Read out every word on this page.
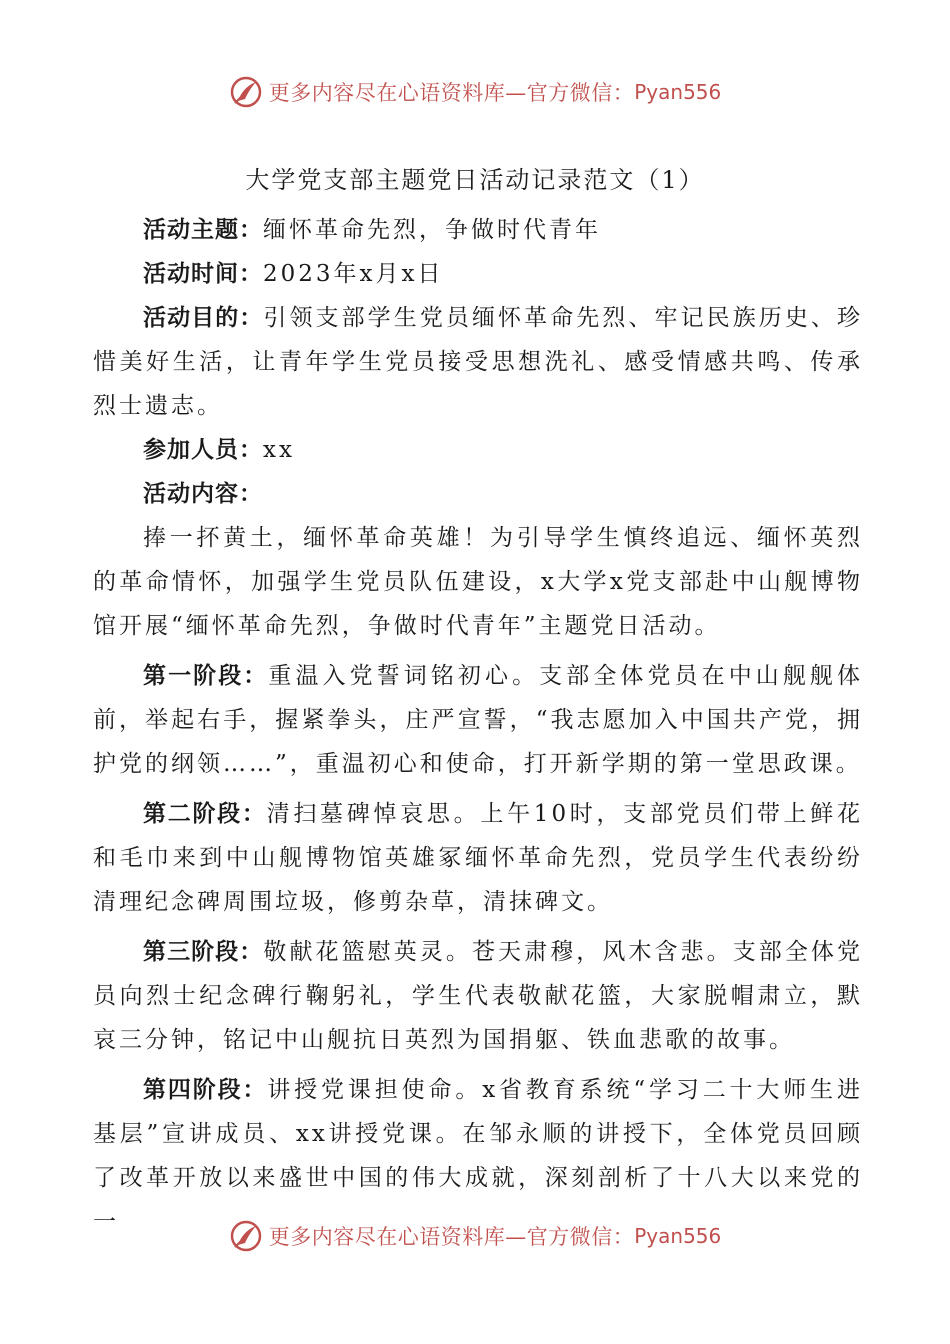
更多内容尽在心语资料库—官方微信： Pyan556
大学党支部主题党日活动记录范文（1）

活动主题：缅怀革命先烈，争做时代青年

活动时间：2023年x月x日

活动目的：引领支部学生党员缅怀革命先烈、牢记民族历史、珍惜美好生活，让青年学生党员接受思想洗礼、感受情感共鸣、传承烈士遗志。

参加人员：xx

活动内容：

捧一抔黄土，缅怀革命英雄！为引导学生慎终追远、缅怀英烈的革命情怀，加强学生党员队伍建设，x大学x党支部赴中山舰博物馆开展“缅怀革命先烈，争做时代青年”主题党日活动。

第一阶段：重温入党誓词铭初心。支部全体党员在中山舰舰体前，举起右手，握紧拳头，庄严宣誓，“我志愿加入中国共产党，拥护党的纲领……”，重温初心和使命，打开新学期的第一堂思政课。

第二阶段：清扫墓碑悼哀思。上午10时，支部党员们带上鲜花和毛巾来到中山舰博物馆英雄冢缅怀革命先烈，党员学生代表纷纷清理纪念碑周围垃圾，修剪杂草，清抹碑文。

第三阶段：敬献花篮慰英灵。苍天肃穆，风木含悲。支部全体党员向烈士纪念碑行鞠躬礼，学生代表敬献花篮，大家脱帽肃立，默哀三分钟，铭记中山舰抗日英烈为国捐躯、铁血悲歌的故事。

第四阶段：讲授党课担使命。x省教育系统“学习二十大师生进基层”宣讲成员、xx讲授党课。在邹永顺的讲授下，全体党员回顾了改革开放以来盛世中国的伟大成就，深刻剖析了十八大以来党的一

更多内容尽在心语资料库—官方微信： Pyan556
